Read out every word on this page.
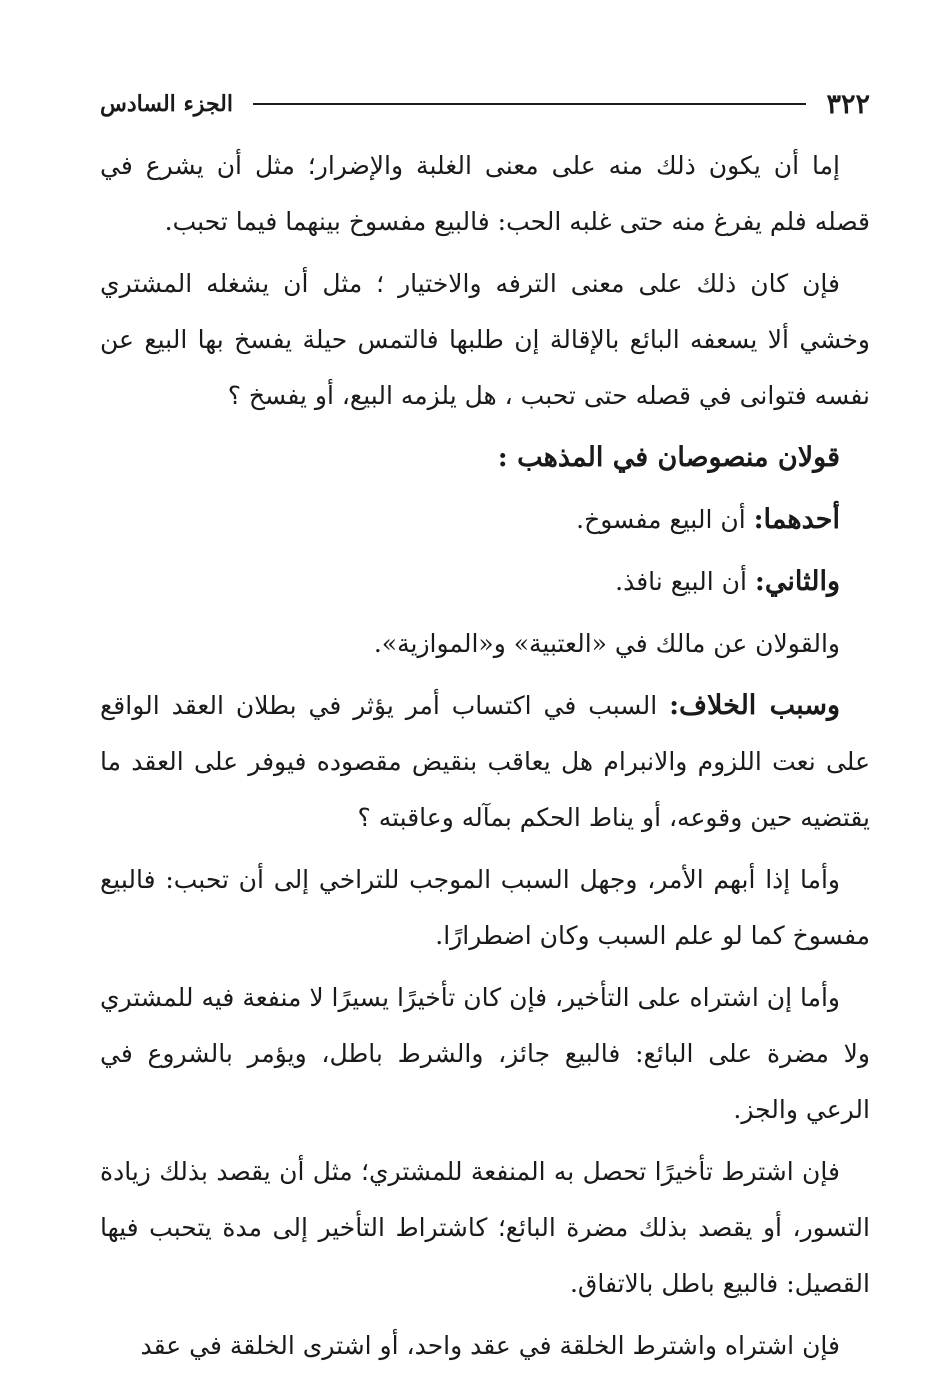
٣٢٢
الجزء السادس

إما أن يكون ذلك منه على معنى الغلبة والإضرار؛ مثل أن يشرع في قصله فلم يفرغ منه حتى غلبه الحب: فالبيع مفسوخ بينهما فيما تحبب.

فإن كان ذلك على معنى الترفه والاختيار ؛ مثل أن يشغله المشتري وخشي ألا يسعفه البائع بالإقالة إن طلبها فالتمس حيلة يفسخ بها البيع عن نفسه فتوانى في قصله حتى تحبب ، هل يلزمه البيع، أو يفسخ ؟

قولان منصوصان في المذهب :

أحدهما: أن البيع مفسوخ.

والثاني: أن البيع نافذ.

والقولان عن مالك في «العتبية» و«الموازية».

وسبب الخلاف: السبب في اكتساب أمر يؤثر في بطلان العقد الواقع على نعت اللزوم والانبرام هل يعاقب بنقيض مقصوده فيوفر على العقد ما يقتضيه حين وقوعه، أو يناط الحكم بمآله وعاقبته ؟

وأما إذا أبهم الأمر، وجهل السبب الموجب للتراخي إلى أن تحبب: فالبيع مفسوخ كما لو علم السبب وكان اضطرارًا.

وأما إن اشتراه على التأخير، فإن كان تأخيرًا يسيرًا لا منفعة فيه للمشتري ولا مضرة على البائع: فالبيع جائز، والشرط باطل، ويؤمر بالشروع في الرعي والجز.

فإن اشترط تأخيرًا تحصل به المنفعة للمشتري؛ مثل أن يقصد بذلك زيادة التسور، أو يقصد بذلك مضرة البائع؛ كاشتراط التأخير إلى مدة يتحبب فيها القصيل: فالبيع باطل بالاتفاق.

فإن اشتراه واشترط الخلقة في عقد واحد، أو اشترى الخلقة في عقد
